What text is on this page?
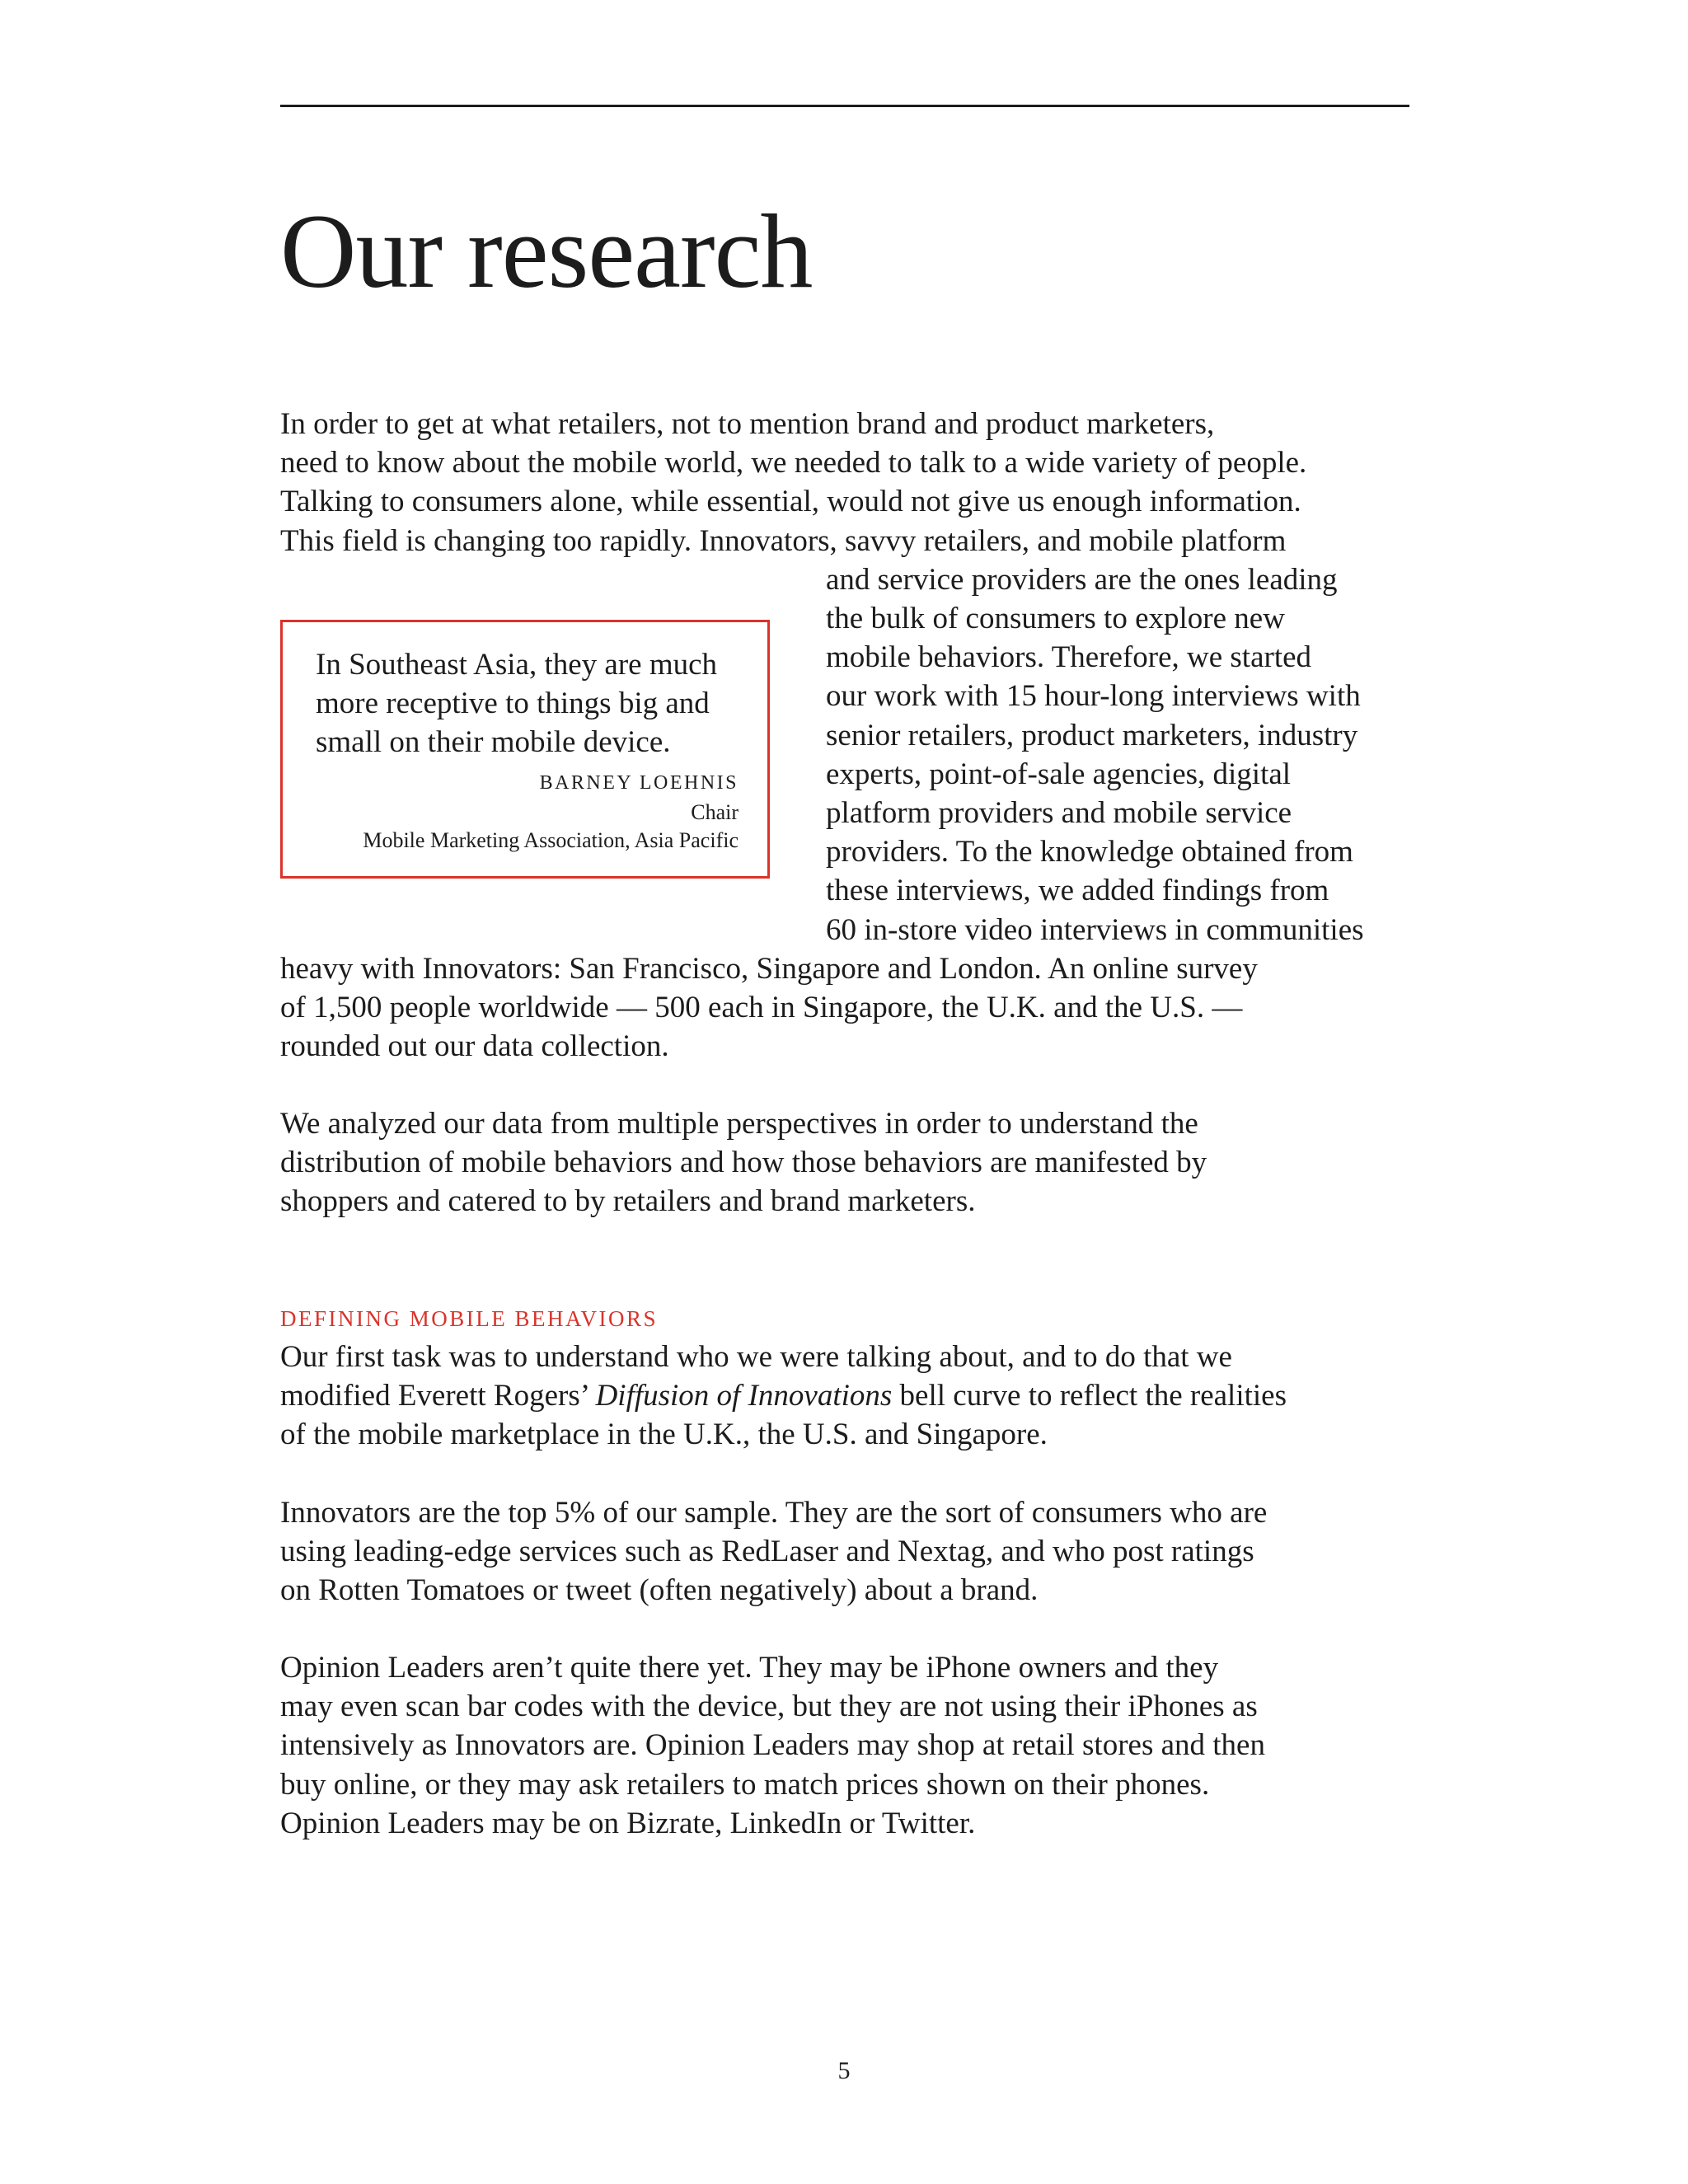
Our research
In order to get at what retailers, not to mention brand and product marketers,
need to know about the mobile world, we needed to talk to a wide variety of people.
Talking to consumers alone, while essential, would not give us enough information.
This field is changing too rapidly. Innovators, savvy retailers, and mobile platform
and service providers are the ones leading
the bulk of consumers to explore new
mobile behaviors. Therefore, we started
our work with 15 hour-long interviews with
senior retailers, product marketers, industry
experts, point-of-sale agencies, digital
platform providers and mobile service
providers. To the knowledge obtained from
these interviews, we added findings from
60 in-store video interviews in communities
heavy with Innovators: San Francisco, Singapore and London. An online survey
of 1,500 people worldwide — 500 each in Singapore, the U.K. and the U.S. —
rounded out our data collection.
In Southeast Asia, they are much
more receptive to things big and
small on their mobile device.
BARNEY LOEHNIS
Chair
Mobile Marketing Association, Asia Pacific
We analyzed our data from multiple perspectives in order to understand the
distribution of mobile behaviors and how those behaviors are manifested by
shoppers and catered to by retailers and brand marketers.
DEFINING MOBILE BEHAVIORS
Our first task was to understand who we were talking about, and to do that we
modified Everett Rogers’ Diffusion of Innovations bell curve to reflect the realities
of the mobile marketplace in the U.K., the U.S. and Singapore.
Innovators are the top 5% of our sample. They are the sort of consumers who are
using leading-edge services such as RedLaser and Nextag, and who post ratings
on Rotten Tomatoes or tweet (often negatively) about a brand.
Opinion Leaders aren’t quite there yet. They may be iPhone owners and they
may even scan bar codes with the device, but they are not using their iPhones as
intensively as Innovators are. Opinion Leaders may shop at retail stores and then
buy online, or they may ask retailers to match prices shown on their phones.
Opinion Leaders may be on Bizrate, LinkedIn or Twitter.
5
